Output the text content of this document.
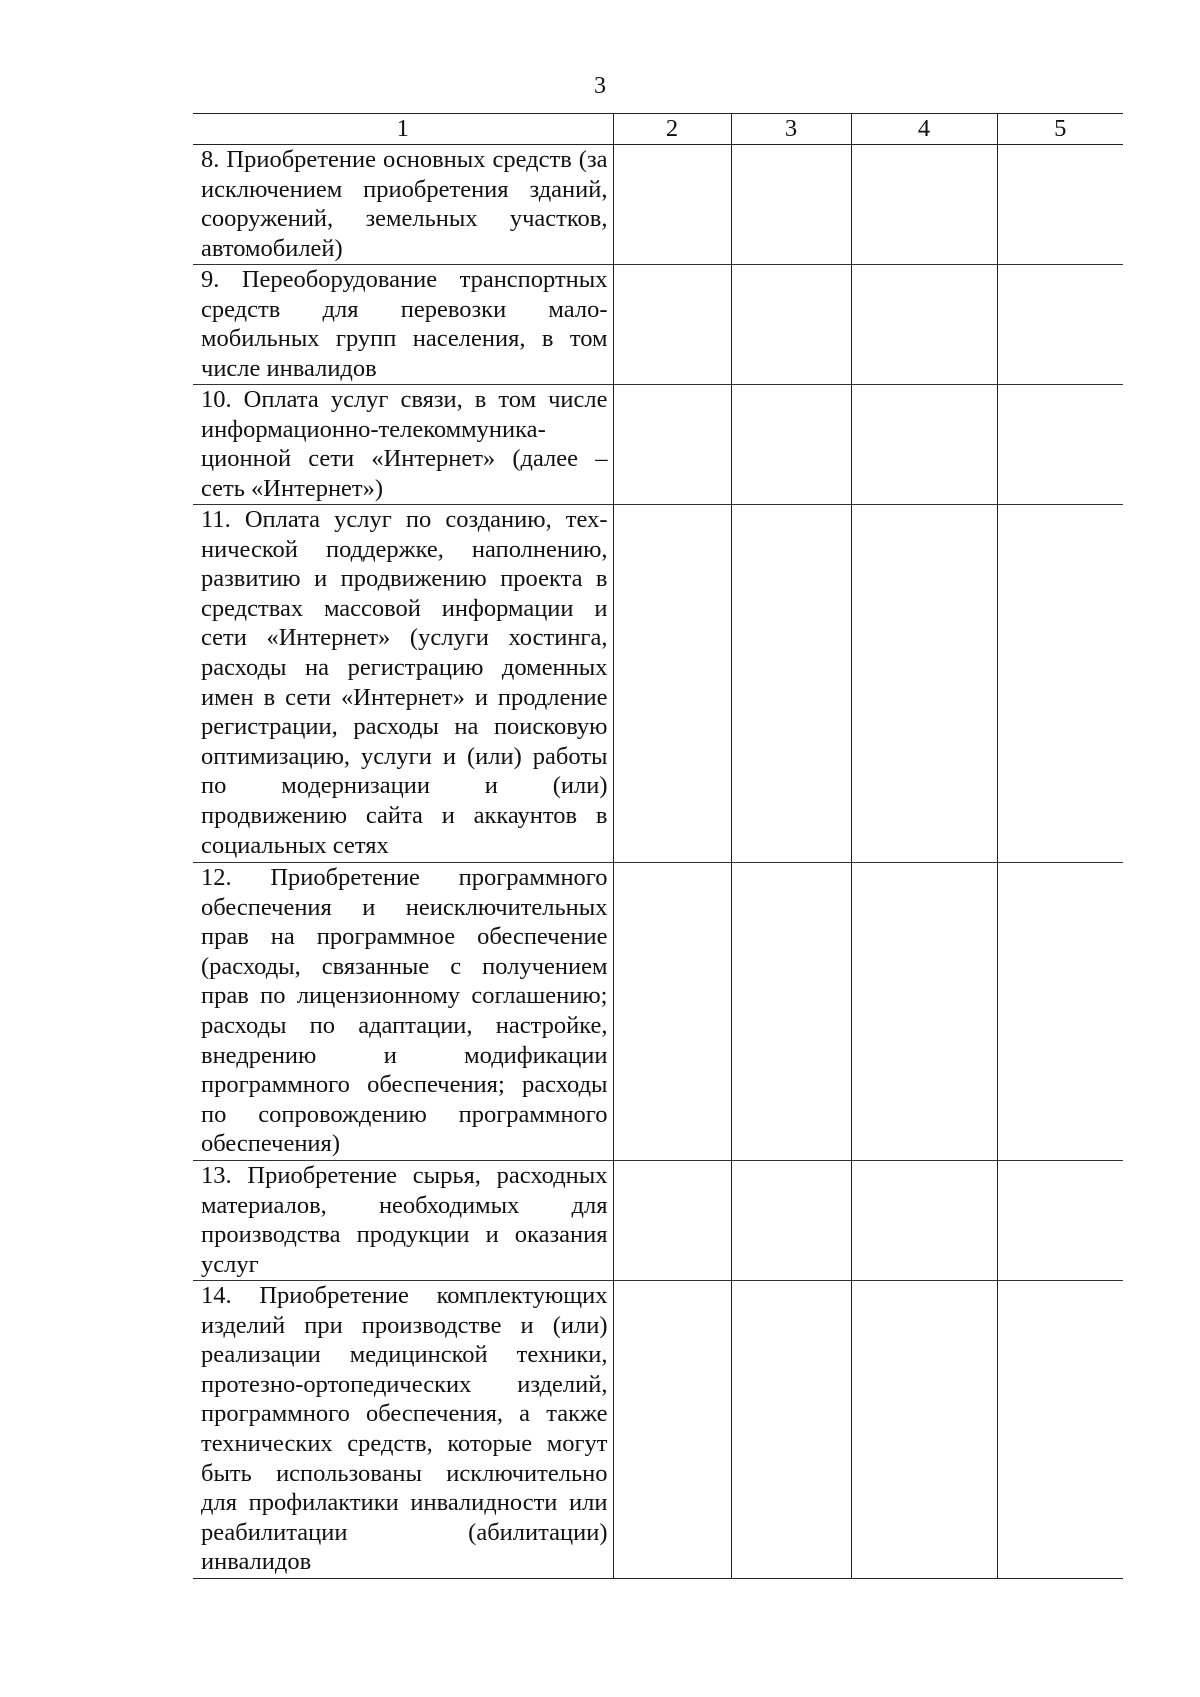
3
1	2	3	4	5
8. Приобретение основных средств (за исключением приобретения зданий, сооружений, земельных участков, автомобилей)				
9. Переоборудование транспортных средств для перевозки маломобильных групп населения, в том числе инвалидов				
10. Оплата услуг связи, в том числе информационно-телекоммуникационной сети «Интернет» (далее – сеть «Интернет»)				
11. Оплата услуг по созданию, технической поддержке, наполнению, развитию и продвижению проекта в средствах массовой информации и сети «Интернет» (услуги хостинга, расходы на регистрацию доменных имен в сети «Интернет» и продление регистрации, расходы на поисковую оптимизацию, услуги и (или) работы по модернизации и (или) продвижению сайта и аккаунтов в социальных сетях				
12. Приобретение программного обеспечения и неисключительных прав на программное обеспечение (расходы, связанные с получением прав по лицензионному соглашению; расходы по адаптации, настройке, внедрению и модификации программного обеспечения; расходы по сопровождению программного обеспечения)				
13. Приобретение сырья, расходных материалов, необходимых для производства продукции и оказания услуг				
14. Приобретение комплектующих изделий при производстве и (или) реализации медицинской техники, протезно-ортопедических изделий, программного обеспечения, а также технических средств, которые могут быть использованы исключительно для профилактики инвалидности или реабилитации (абилитации) инвалидов				
